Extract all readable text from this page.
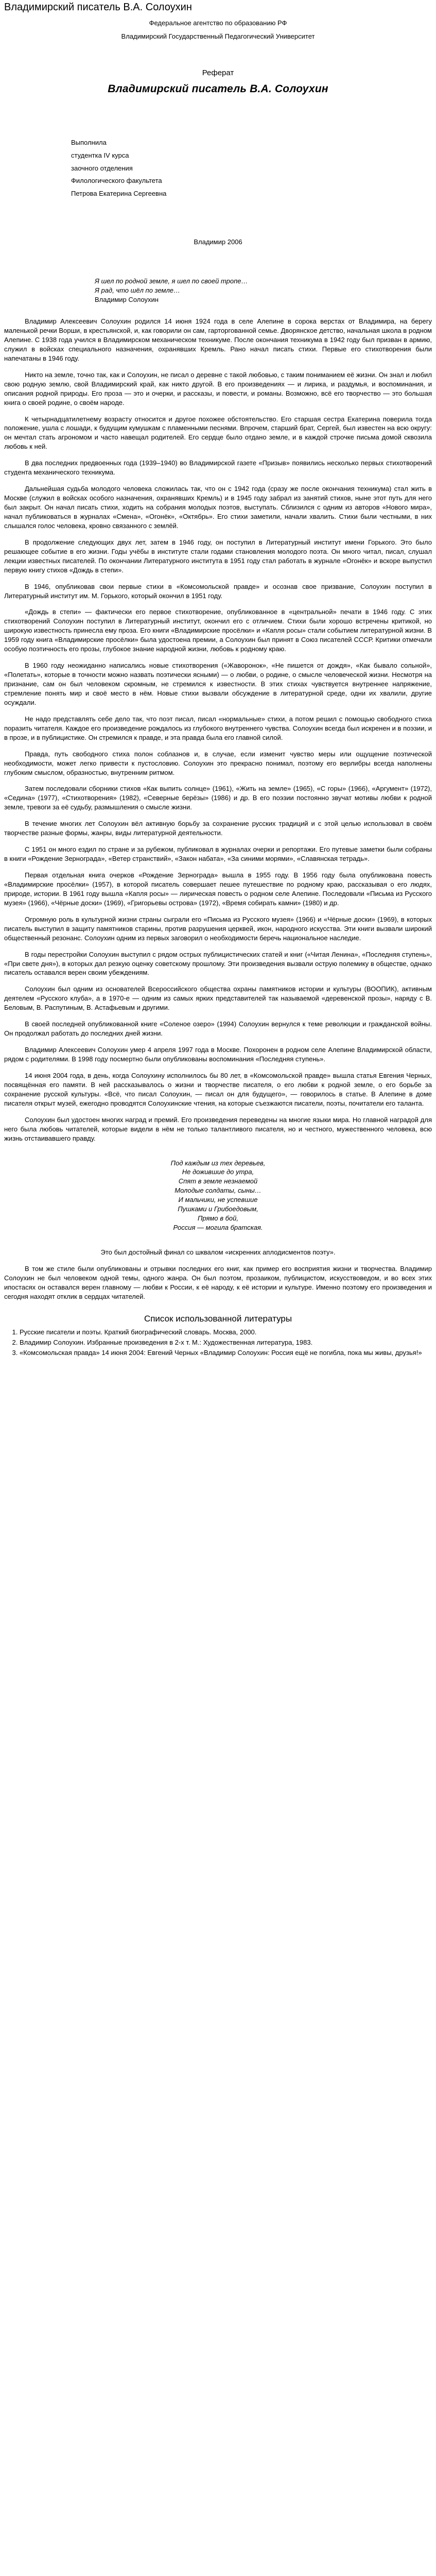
Владимирский писатель В.А. Солоухин

Федеральное агентство по образованию РФ

Владимирский Государственный Педагогический Университет

Реферат

Владимирский писатель В.А. Солоухин

Выполнила

студентка IV курса

заочного отделения

Филологического факультета

Петрова Екатерина Сергеевна

Владимир 2006

Я шел по родной земле, я шел по своей тропе…

Я рад, что шёл по земле…

Владимир Солоухин

Владимир Алексеевич Солоухин родился 14 июня 1924 года в селе Алепине в сорока верстах от Владимира, на берегу маленькой речки Ворши, в крестьянской, и, как говорили он сам, гарторгованной семье. Дворянское детство, начальная школа в родном Алепине. С 1938 года учился в Владимирском механическом техникуме. После окончания техникума в 1942 году был призван в армию, служил в войсках специального назначения, охранявших Кремль. Рано начал писать стихи. Первые его стихотворения были напечатаны в 1946 году.

Никто на земле, точно так, как и Солоухин, не писал о деревне с такой любовью, с таким пониманием её жизни. Он знал и любил свою родную землю, свой Владимирский край, как никто другой. В его произведениях — и лирика, и раздумья, и воспоминания, и описания родной природы. Его проза — это и очерки, и рассказы, и повести, и романы. Возможно, всё его творчество — это большая книга о своей родине, о своём народе.

К четырнадцатилетнему возрасту относится и другое похожее обстоятельство. Его старшая сестра Екатерина поверила тогда положение, ушла с лошади, к будущим кумушкам с пламенными песнями. Впрочем, старший брат, Сергей, был известен на всю округу: он мечтал стать агрономом и часто навещал родителей. Его сердце было отдано земле, и в каждой строчке письма домой сквозила любовь к ней.

В два последних предвоенных года (1939–1940) во Владимирской газете «Призыв» появились несколько первых стихотворений студента механического техникума.

Дальнейшая судьба молодого человека сложилась так, что он с 1942 года (сразу же после окончания техникума) стал жить в Москве (служил в войсках особого назначения, охранявших Кремль) и в 1945 году забрал из занятий стихов, ныне этот путь для него был закрыт. Он начал писать стихи, ходить на собрания молодых поэтов, выступать. Сблизился с одним из авторов «Нового мира», начал публиковаться в журналах «Смена», «Огонёк», «Октябрь». Его стихи заметили, начали хвалить. Стихи были честными, в них слышался голос человека, кровно связанного с землёй.

В продолжение следующих двух лет, затем в 1946 году, он поступил в Литературный институт имени Горького. Это было решающее событие в его жизни. Годы учёбы в институте стали годами становления молодого поэта. Он много читал, писал, слушал лекции известных писателей. По окончании Литературного института в 1951 году стал работать в журнале «Огонёк» и вскоре выпустил первую книгу стихов «Дождь в степи».

В 1946, опубликовав свои первые стихи в «Комсомольской правде» и осознав свое призвание, Солоухин поступил в Литературный институт им. М. Горького, который окончил в 1951 году.

«Дождь в степи» — фактически его первое стихотворение, опубликованное в «центральной» печати в 1946 году. С этих стихотворений Солоухин поступил в Литературный институт, окончил его с отличием. Стихи были хорошо встречены критикой, но широкую известность принесла ему проза. Его книги «Владимирские просёлки» и «Капля росы» стали событием литературной жизни. В 1959 году книга «Владимирские просёлки» была удостоена премии, а Солоухин был принят в Союз писателей СССР. Критики отмечали особую поэтичность его прозы, глубокое знание народной жизни, любовь к родному краю.

В 1960 году неожиданно написались новые стихотворения («Жаворонок», «Не пишется от дождя», «Как бывало сольной», «Полетать», которые в точности можно назвать поэтически ясными) — о любви, о родине, о смысле человеческой жизни. Несмотря на признание, сам он был человеком скромным, не стремился к известности. В этих стихах чувствуется внутреннее напряжение, стремление понять мир и своё место в нём. Новые стихи вызвали обсуждение в литературной среде, одни их хвалили, другие осуждали.

Не надо представлять себе дело так, что поэт писал, писал «нормальные» стихи, а потом решил с помощью свободного стиха поразить читателя. Каждое его произведение рождалось из глубокого внутреннего чувства. Солоухин всегда был искренен и в поэзии, и в прозе, и в публицистике. Он стремился к правде, и эта правда была его главной силой.

Правда, путь свободного стиха полон соблазнов и, в случае, если изменит чувство меры или ощущение поэтической необходимости, может легко привести к пустословию. Солоухин это прекрасно понимал, поэтому его верлибры всегда наполнены глубоким смыслом, образностью, внутренним ритмом.

Затем последовали сборники стихов «Как выпить солнце» (1961), «Жить на земле» (1965), «С горы» (1966), «Аргумент» (1972), «Седина» (1977), «Стихотворения» (1982), «Северные берёзы» (1986) и др. В его поэзии постоянно звучат мотивы любви к родной земле, тревоги за её судьбу, размышления о смысле жизни.

В течение многих лет Солоухин вёл активную борьбу за сохранение русских традиций и с этой целью использовал в своём творчестве разные формы, жанры, виды литературной деятельности.

С 1951 он много ездил по стране и за рубежом, публиковал в журналах очерки и репортажи. Его путевые заметки были собраны в книги «Рождение Зернограда», «Ветер странствий», «Закон набата», «За синими морями», «Славянская тетрадь».

Первая отдельная книга очерков «Рождение Зернограда» вышла в 1955 году. В 1956 году была опубликована повесть «Владимирские просёлки» (1957), в которой писатель совершает пешее путешествие по родному краю, рассказывая о его людях, природе, истории. В 1961 году вышла «Капля росы» — лирическая повесть о родном селе Алепине. Последовали «Письма из Русского музея» (1966), «Чёрные доски» (1969), «Григорьевы острова» (1972), «Время собирать камни» (1980) и др.

Огромную роль в культурной жизни страны сыграли его «Письма из Русского музея» (1966) и «Чёрные доски» (1969), в которых писатель выступил в защиту памятников старины, против разрушения церквей, икон, народного искусства. Эти книги вызвали широкий общественный резонанс. Солоухин одним из первых заговорил о необходимости беречь национальное наследие.

В годы перестройки Солоухин выступил с рядом острых публицистических статей и книг («Читая Ленина», «Последняя ступень», «При свете дня»), в которых дал резкую оценку советскому прошлому. Эти произведения вызвали острую полемику в обществе, однако писатель оставался верен своим убеждениям.

Солоухин был одним из основателей Всероссийского общества охраны памятников истории и культуры (ВООПИК), активным деятелем «Русского клуба», а в 1970-е — одним из самых ярких представителей так называемой «деревенской прозы», наряду с В. Беловым, В. Распутиным, В. Астафьевым и другими.

В своей последней опубликованной книге «Соленое озеро» (1994) Солоухин вернулся к теме революции и гражданской войны. Он продолжал работать до последних дней жизни.

Владимир Алексеевич Солоухин умер 4 апреля 1997 года в Москве. Похоронен в родном селе Алепине Владимирской области, рядом с родителями. В 1998 году посмертно были опубликованы воспоминания «Последняя ступень».

14 июня 2004 года, в день, когда Солоухину исполнилось бы 80 лет, в «Комсомольской правде» вышла статья Евгения Черных, посвящённая его памяти. В ней рассказывалось о жизни и творчестве писателя, о его любви к родной земле, о его борьбе за сохранение русской культуры. «Всё, что писал Солоухин, — писал он для будущего», — говорилось в статье. В Алепине в доме писателя открыт музей, ежегодно проводятся Солоухинские чтения, на которые съезжаются писатели, поэты, почитатели его таланта.

Солоухин был удостоен многих наград и премий. Его произведения переведены на многие языки мира. Но главной наградой для него была любовь читателей, которые видели в нём не только талантливого писателя, но и честного, мужественного человека, всю жизнь отстаивавшего правду.

Под каждым из тех деревьев,

Не дожившие до утра,

Спят в земле незнаемой

Молодые солдаты, сыны…

И мальчики, не успевшие

Пушками и Грибоедовым,

Прямо в бой,

Россия — могила братская.

Это был достойный финал со шквалом «искренних аплодисментов поэту».

В том же стиле были опубликованы и отрывки последних его книг, как пример его восприятия жизни и творчества. Владимир Солоухин не был человеком одной темы, одного жанра. Он был поэтом, прозаиком, публицистом, искусствоведом, и во всех этих ипостасях он оставался верен главному — любви к России, к её народу, к её истории и культуре. Именно поэтому его произведения и сегодня находят отклик в сердцах читателей.

Список использованной литературы
1. Русские писатели и поэты. Краткий биографический словарь. Москва, 2000.
2. Владимир Солоухин. Избранные произведения в 2-х т. М.: Художественная литература, 1983.
3. «Комсомольская правда» 14 июня 2004: Евгений Черных «Владимир Солоухин: Россия ещё не погибла, пока мы живы, друзья!»
